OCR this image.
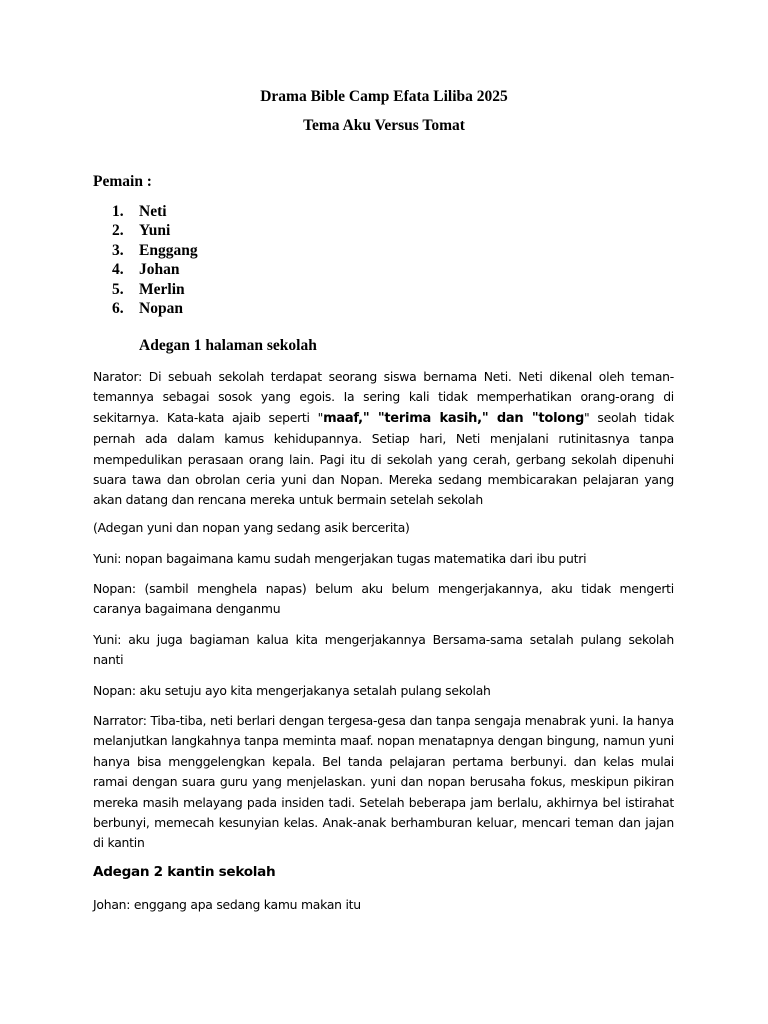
Drama Bible Camp Efata Liliba 2025
Tema Aku Versus Tomat
Pemain :
1. Neti
2. Yuni
3. Enggang
4. Johan
5. Merlin
6. Nopan
Adegan 1 halaman sekolah

Narator: Di sebuah sekolah terdapat seorang siswa bernama Neti. Neti dikenal oleh teman-temannya sebagai sosok yang egois. Ia sering kali tidak memperhatikan orang-orang di sekitarnya. Kata-kata ajaib seperti "maaf," "terima kasih," dan "tolong" seolah tidak pernah ada dalam kamus kehidupannya. Setiap hari, Neti menjalani rutinitasnya tanpa mempedulikan perasaan orang lain. Pagi itu di sekolah yang cerah, gerbang sekolah dipenuhi suara tawa dan obrolan ceria yuni dan Nopan. Mereka sedang membicarakan pelajaran yang akan datang dan rencana mereka untuk bermain setelah sekolah

(Adegan yuni dan nopan yang sedang asik bercerita)

Yuni: nopan bagaimana kamu sudah mengerjakan tugas matematika dari ibu putri

Nopan: (sambil menghela napas) belum aku belum mengerjakannya, aku tidak mengerti caranya bagaimana denganmu

Yuni: aku juga bagiaman kalua kita mengerjakannya Bersama-sama setalah pulang sekolah nanti

Nopan: aku setuju ayo kita mengerjakanya setalah pulang sekolah

Narrator: Tiba-tiba, neti berlari dengan tergesa-gesa dan tanpa sengaja menabrak yuni. Ia hanya melanjutkan langkahnya tanpa meminta maaf. nopan menatapnya dengan bingung, namun yuni hanya bisa menggelengkan kepala. Bel tanda pelajaran pertama berbunyi. dan kelas mulai ramai dengan suara guru yang menjelaskan. yuni dan nopan berusaha fokus, meskipun pikiran mereka masih melayang pada insiden tadi. Setelah beberapa jam berlalu, akhirnya bel istirahat berbunyi, memecah kesunyian kelas. Anak-anak berhamburan keluar, mencari teman dan jajan di kantin

Adegan 2 kantin sekolah

Johan: enggang apa sedang kamu makan itu
